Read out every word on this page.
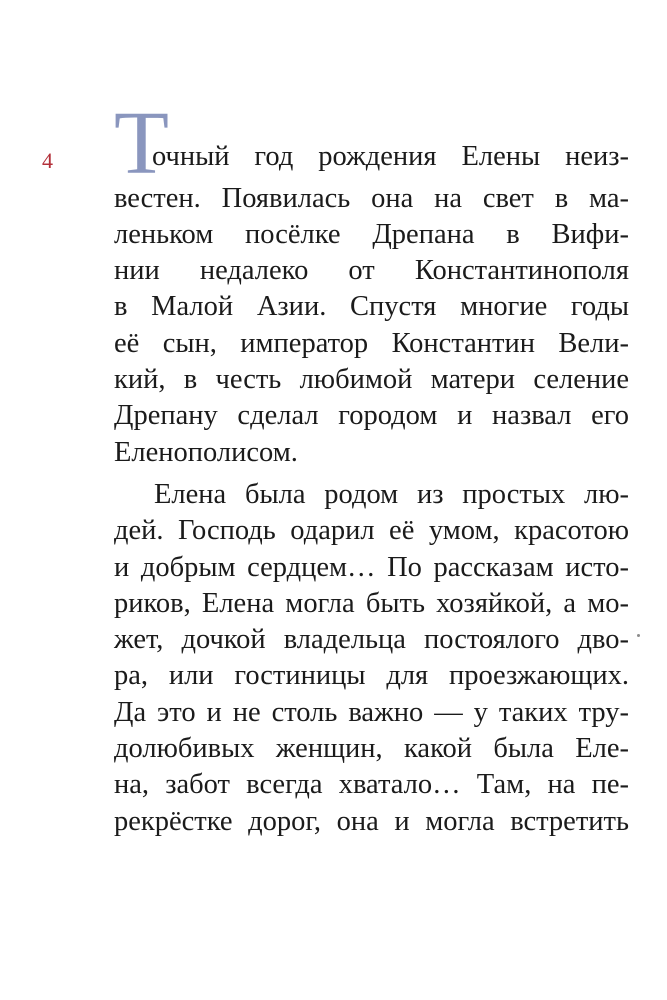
4 Т
очный год рождения Елены неиз-
вестен. Появилась она на свет в ма-
леньком посёлке Дрепана в Вифи-
нии недалеко от Константинополя
в Малой Азии. Спустя многие годы
её сын, император Константин Вели-
кий, в честь любимой матери селение
Дрепану сделал городом и назвал его
Еленополисом.
Елена была родом из простых лю-
дей. Господь одарил её умом, красотою
и добрым сердцем… По рассказам исто-
риков, Елена могла быть хозяйкой, а мо-
жет, дочкой владельца постоялого дво-
ра, или гостиницы для проезжающих.
Да это и не столь важно — у таких тру-
долюбивых женщин, какой была Еле-
на, забот всегда хватало… Там, на пе-
рекрёстке дорог, она и могла встретить
